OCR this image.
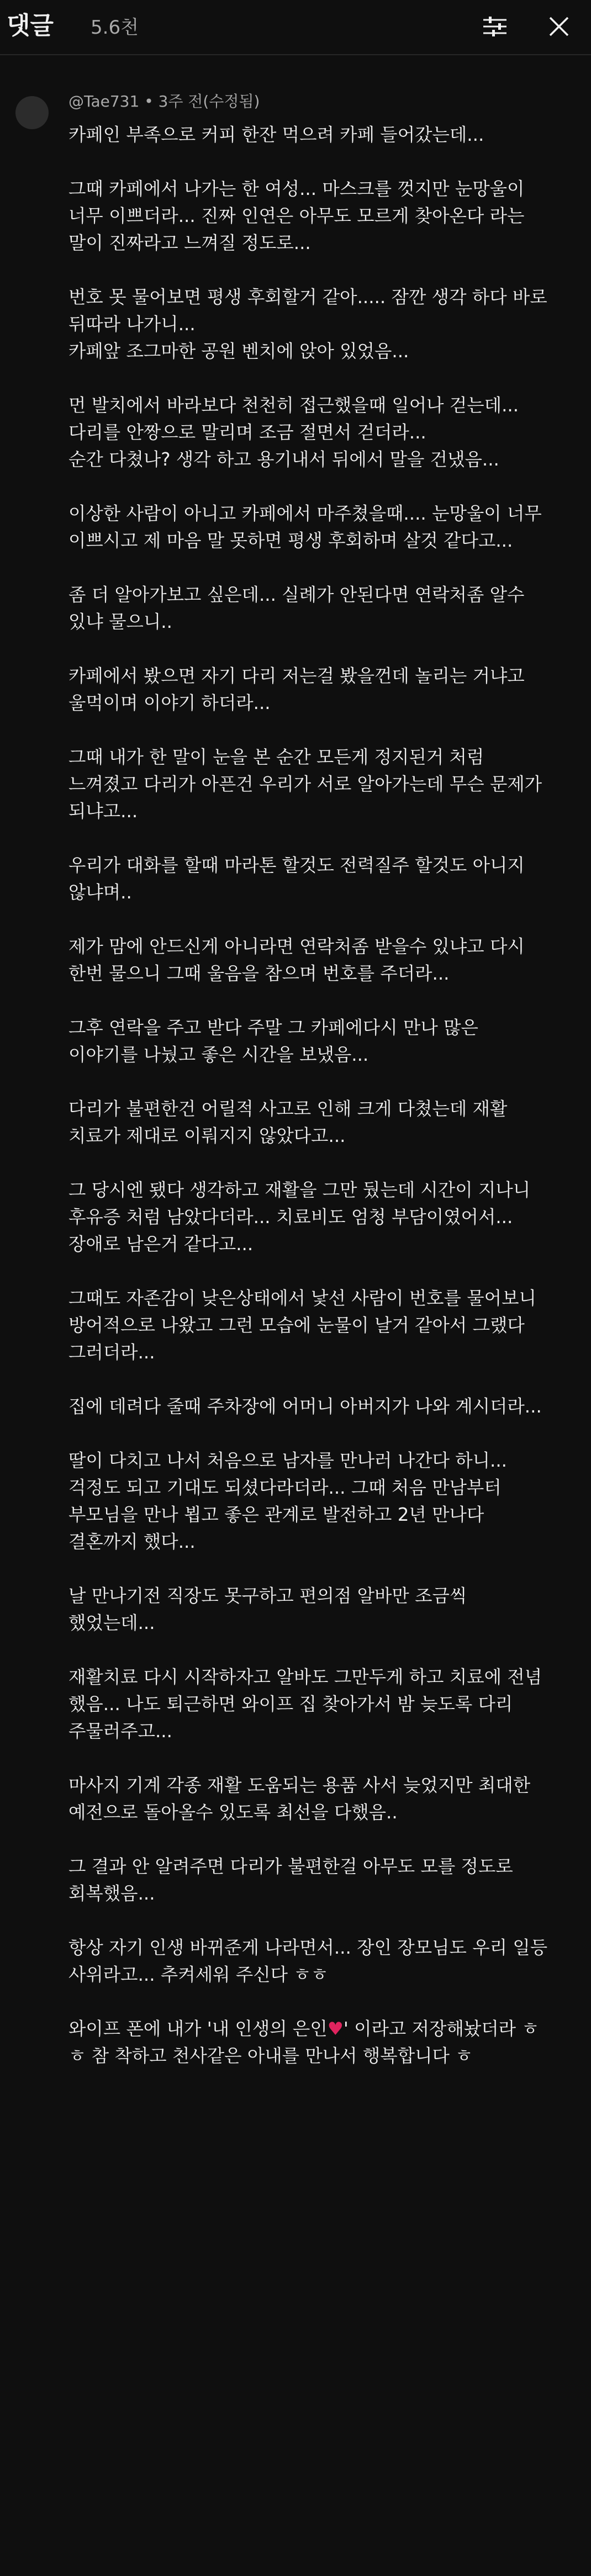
댓글 5.6천
@Tae731 • 3주 전(수정됨)

카페인 부족으로 커피 한잔 먹으려 카페 들어갔는데...

그때 카페에서 나가는 한 여성... 마스크를 껏지만 눈망울이
너무 이쁘더라... 진짜 인연은 아무도 모르게 찾아온다 라는
말이 진짜라고 느껴질 정도로...

번호 못 물어보면 평생 후회할거 같아..... 잠깐 생각 하다 바로
뒤따라 나가니...
카페앞 조그마한 공원 벤치에 앉아 있었음...

먼 발치에서 바라보다 천천히 접근했을때 일어나 걷는데...
다리를 안짱으로 말리며 조금 절면서 걷더라...
순간 다쳤나? 생각 하고 용기내서 뒤에서 말을 건냈음...

이상한 사람이 아니고 카페에서 마주쳤을때.... 눈망울이 너무
이쁘시고 제 마음 말 못하면 평생 후회하며 살것 같다고...

좀 더 알아가보고 싶은데... 실례가 안된다면 연락처좀 알수
있냐 물으니..

카페에서 봤으면 자기 다리 저는걸 봤을껀데 놀리는 거냐고
울먹이며 이야기 하더라...

그때 내가 한 말이 눈을 본 순간 모든게 정지된거 처럼
느껴졌고 다리가 아픈건 우리가 서로 알아가는데 무슨 문제가
되냐고...

우리가 대화를 할때 마라톤 할것도 전력질주 할것도 아니지
않냐며..

제가 맘에 안드신게 아니라면 연락처좀 받을수 있냐고 다시
한번 물으니 그때 울음을 참으며 번호를 주더라...

그후 연락을 주고 받다 주말 그 카페에다시 만나 많은
이야기를 나눴고 좋은 시간을 보냈음...

다리가 불편한건 어릴적 사고로 인해 크게 다쳤는데 재활
치료가 제대로 이뤄지지 않았다고...

그 당시엔 됐다 생각하고 재활을 그만 뒀는데 시간이 지나니
후유증 처럼 남았다더라... 치료비도 엄청 부담이였어서...
장애로 남은거 같다고...

그때도 자존감이 낮은상태에서 낯선 사람이 번호를 물어보니
방어적으로 나왔고 그런 모습에 눈물이 날거 같아서 그랬다
그러더라...

집에 데려다 줄때 주차장에 어머니 아버지가 나와 계시더라...

딸이 다치고 나서 처음으로 남자를 만나러 나간다 하니...
걱정도 되고 기대도 되셨다라더라... 그때 처음 만남부터
부모님을 만나 뵙고 좋은 관계로 발전하고 2년 만나다
결혼까지 했다...

날 만나기전 직장도 못구하고 편의점 알바만 조금씩
했었는데...

재활치료 다시 시작하자고 알바도 그만두게 하고 치료에 전념
했음... 나도 퇴근하면 와이프 집 찾아가서 밤 늦도록 다리
주물러주고...

마사지 기계 각종 재활 도움되는 용품 사서 늦었지만 최대한
예전으로 돌아올수 있도록 최선을 다했음..

그 결과 안 알려주면 다리가 불편한걸 아무도 모를 정도로
회복했음...

항상 자기 인생 바뀌준게 나라면서... 장인 장모님도 우리 일등
사위라고... 추켜세워 주신다 ㅎㅎ

와이프 폰에 내가 '내 인생의 은인♥' 이라고 저장해놨더라 ㅎ
ㅎ 참 착하고 천사같은 아내를 만나서 행복합니다 ㅎ
